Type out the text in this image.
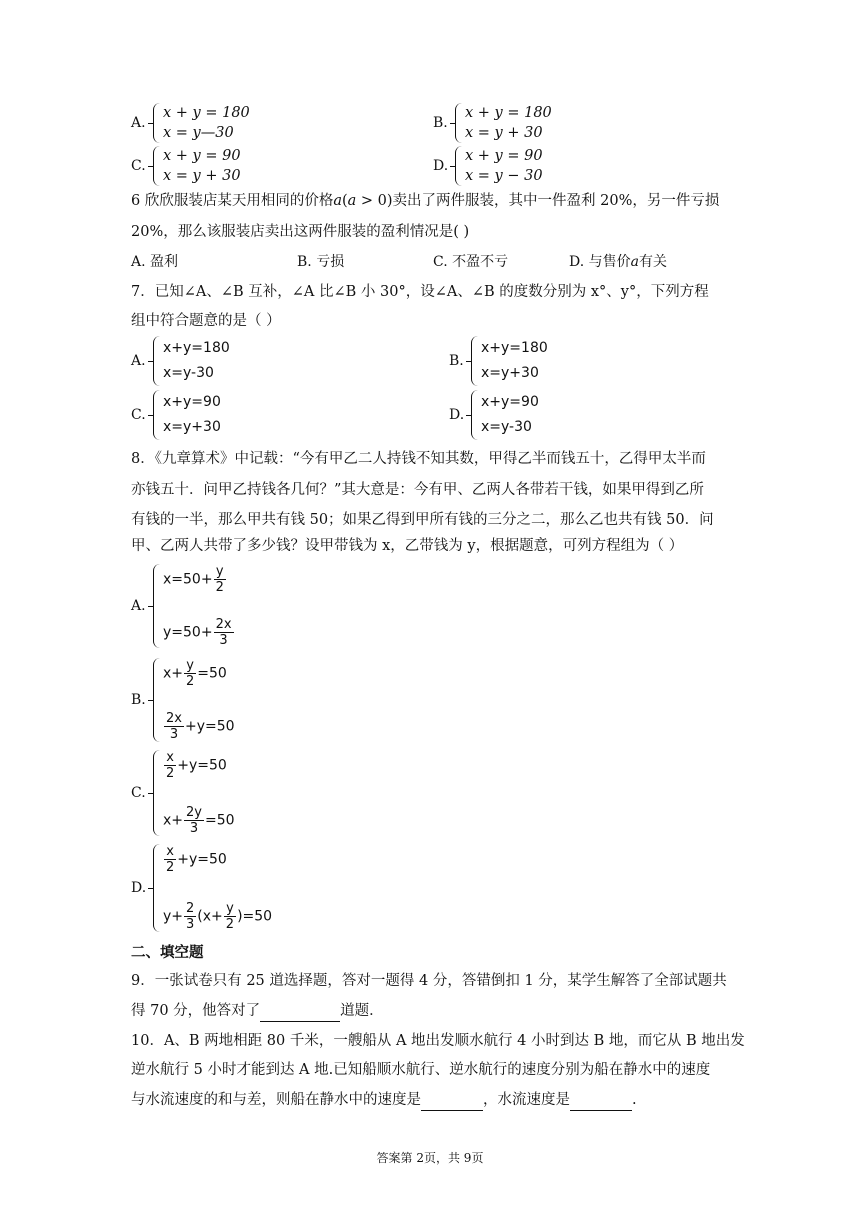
A.
x + y = 180
x = y—30
B.
x + y = 180
x = y + 30
C.
x + y = 90
x = y + 30
D.
x + y = 90
x = y − 30
6 欣欣服装店某天用相同的价格𝑎(𝑎 > 0)卖出了两件服装，其中一件盈利 20%，另一件亏损
20%，那么该服装店卖出这两件服装的盈利情况是( )
A. 盈利	B. 亏损	C. 不盈不亏	D. 与售价𝑎有关
7．已知∠A、∠B 互补，∠A 比∠B 小 30°，设∠A、∠B 的度数分别为 x°、y°，下列方程
组中符合题意的是（ ）
A.
x+y=180
x=y-30
B.
x+y=180
x=y+30
C.
x+y=90
x=y+30
D.
x+y=90
x=y-30
8．《九章算术》中记载：“今有甲乙二人持钱不知其数，甲得乙半而钱五十，乙得甲太半而
亦钱五十．问甲乙持钱各几何？”其大意是：今有甲、乙两人各带若干钱，如果甲得到乙所
有钱的一半，那么甲共有钱 50；如果乙得到甲所有钱的三分之二，那么乙也共有钱 50．问
甲、乙两人共带了多少钱？设甲带钱为 x，乙带钱为 y，根据题意，可列方程组为（ ）
A.
$x=50+ \frac{y}{2}$
$y=50+ \frac{2x}{3}$
B.
$x+ \frac{y}{2} =50$
$\frac{2x}{3} +y=50$
C.
$\frac{x}{2} +y=50$
$x+ \frac{2y}{3} =50$
D.
$\frac{x}{2} +y=50$
$y+ \frac{2}{3} (x+ \frac{y}{2} )=50$
二、填空题
9．一张试卷只有 25 道选择题，答对一题得 4 分，答错倒扣 1 分，某学生解答了全部试题共
得 70 分，他答对了	道题．
10．A、B 两地相距 80 千米，一艘船从 A 地出发顺水航行 4 小时到达 B 地，而它从 B 地出发
逆水航行 5 小时才能到达 A 地.已知船顺水航行、逆水航行的速度分别为船在静水中的速度
与水流速度的和与差，则船在静水中的速度是	，水流速度是	.
答案第 2页，共 9页
